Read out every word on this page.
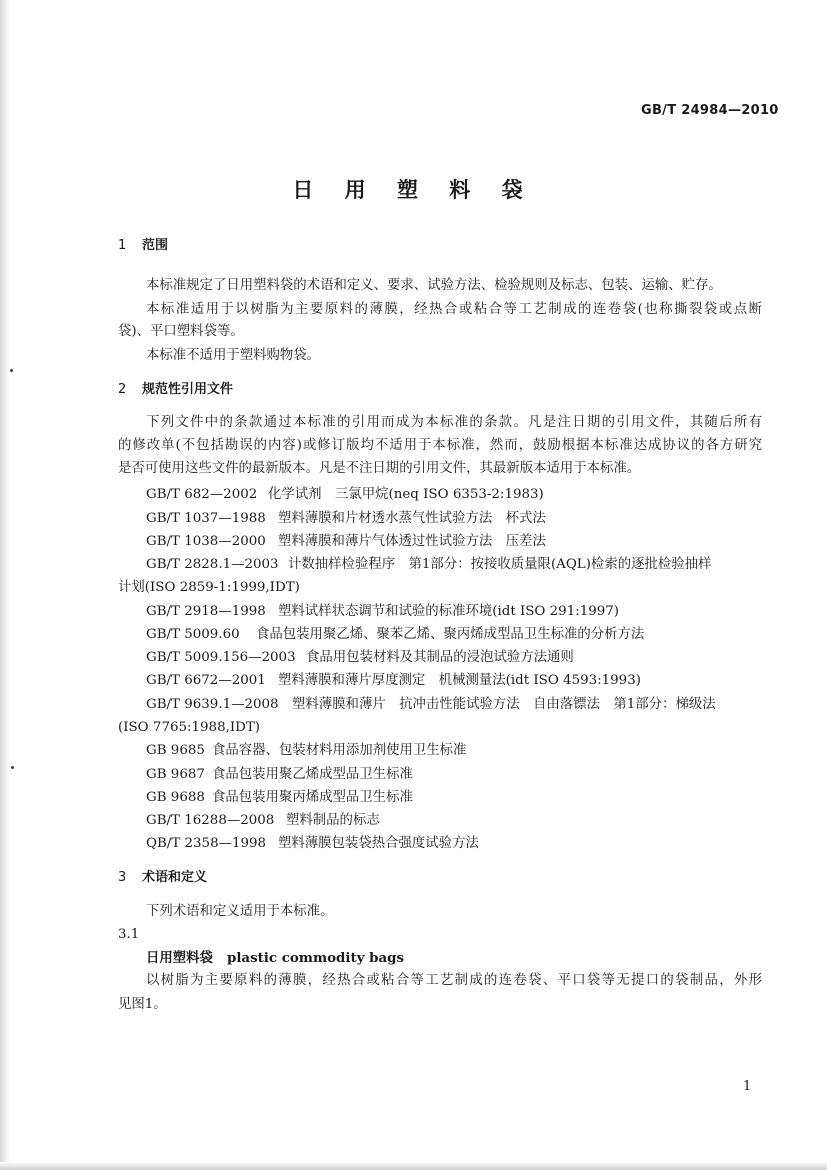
GB/T 24984—2010
日 用 塑 料 袋
1 范围
本标准规定了日用塑料袋的术语和定义、要求、试验方法、检验规则及标志、包装、运输、贮存。
本标准适用于以树脂为主要原料的薄膜，经热合或粘合等工艺制成的连卷袋(也称撕裂袋或点断
袋)、平口塑料袋等。
本标准不适用于塑料购物袋。
2 规范性引用文件
下列文件中的条款通过本标准的引用而成为本标准的条款。凡是注日期的引用文件，其随后所有
的修改单(不包括勘误的内容)或修订版均不适用于本标准，然而，鼓励根据本标准达成协议的各方研究
是否可使用这些文件的最新版本。凡是不注日期的引用文件，其最新版本适用于本标准。
GB/T 682—2002 化学试剂　三氯甲烷(neq ISO 6353-2:1983)
GB/T 1037—1988 塑料薄膜和片材透水蒸气性试验方法　杯式法
GB/T 1038—2000 塑料薄膜和薄片气体透过性试验方法　压差法
GB/T 2828.1—2003 计数抽样检验程序　第1部分：按接收质量限(AQL)检索的逐批检验抽样
计划(ISO 2859-1:1999,IDT)
GB/T 2918—1998 塑料试样状态调节和试验的标准环境(idt ISO 291:1997)
GB/T 5009.60 食品包装用聚乙烯、聚苯乙烯、聚丙烯成型品卫生标准的分析方法
GB/T 5009.156—2003 食品用包装材料及其制品的浸泡试验方法通则
GB/T 6672—2001 塑料薄膜和薄片厚度测定　机械测量法(idt ISO 4593:1993)
GB/T 9639.1—2008 塑料薄膜和薄片　抗冲击性能试验方法　自由落镖法　第1部分：梯级法
(ISO 7765:1988,IDT)
GB 9685 食品容器、包装材料用添加剂使用卫生标准
GB 9687 食品包装用聚乙烯成型品卫生标准
GB 9688 食品包装用聚丙烯成型品卫生标准
GB/T 16288—2008 塑料制品的标志
QB/T 2358—1998 塑料薄膜包装袋热合强度试验方法
3 术语和定义
下列术语和定义适用于本标准。
3.1
日用塑料袋 plastic commodity bags
以树脂为主要原料的薄膜，经热合或粘合等工艺制成的连卷袋、平口袋等无提口的袋制品，外形
见图1。
1
